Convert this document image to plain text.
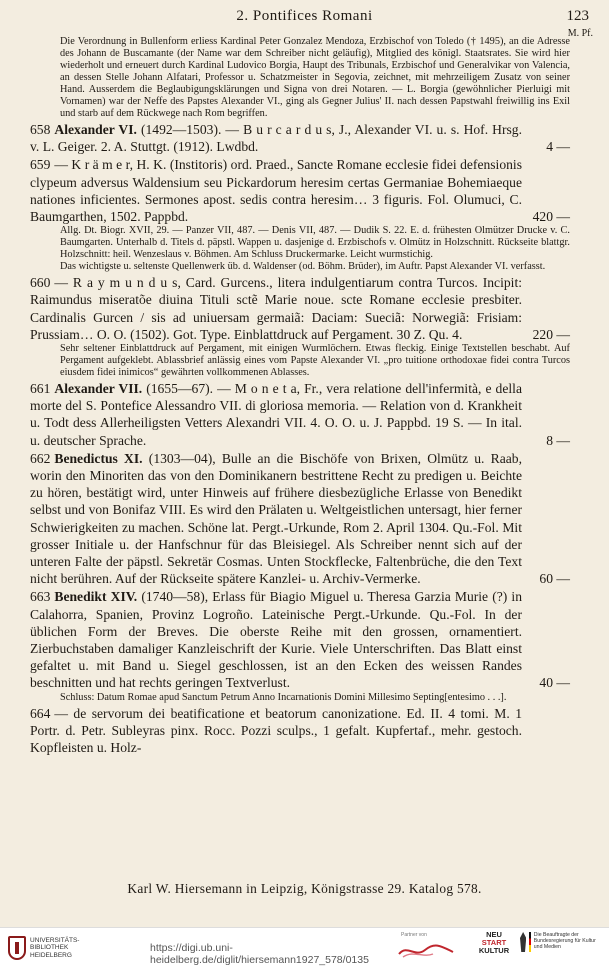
2. Pontifices Romani	123
M. Pf.

Die Verordnung in Bullenform erliess Kardinal Peter Gonzalez Mendoza, Erzbischof von Toledo († 1495), an die Adresse des Johann de Buscamante (der Name war dem Schreiber nicht geläufig), Mitglied des königl. Staatsrates. Sie wird hier wiederholt und erneuert durch Kardinal Ludovico Borgia, Haupt des Tribunals, Erzbischof und Generalvikar von Valencia, an dessen Stelle Johann Alfatari, Professor u. Schatzmeister in Segovia, zeichnet, mit mehrzeiligem Zusatz von seiner Hand. Ausserdem die Beglaubigungsklärungen und Signa von drei Notaren. — L. Borgia (gewöhnlicher Pierluigi mit Vornamen) war der Neffe des Papstes Alexander VI., ging als Gegner Julius' II. nach dessen Papstwahl freiwillig ins Exil und starb auf dem Rückwege nach Rom begriffen.

658 Alexander VI. (1492—1503). — B u r c a r d u s, J., Alexander VI. u. s. Hof. Hrsg. v. L. Geiger. 2. A. Stuttgt. (1912). Lwdbd.	4 —
659 — K r ä m e r, H. K. (Institoris) ord. Praed., Sancte Romane ecclesie fidei defensionis clypeum adversus Waldensium seu Pickardorum heresim certas Germaniae Bohemiaeque nationes inficientes. Sermones apost. sedis contra heresim… 3 figuris. Fol. Olumuci, C. Baumgarthen, 1502. Pappbd.	420 —

Allg. Dt. Biogr. XVII, 29. — Panzer VII, 487. — Denis VII, 487. — Dudik S. 22. E. d. frühesten Olmützer Drucke v. C. Baumgarten. Unterhalb d. Titels d. päpstl. Wappen u. dasjenige d. Erzbischofs v. Olmütz in Holzschnitt. Rückseite blattgr. Holzschnitt: heil. Wenzeslaus v. Böhmen. Am Schluss Druckermarke. Leicht wurmstichig.

Das wichtigste u. seltenste Quellenwerk üb. d. Waldenser (od. Böhm. Brüder), im Auftr. Papst Alexander VI. verfasst.

660 — R a y m u n d u s, Card. Gurcens., litera indulgentiarum contra Turcos. Incipit: Raimundus miseratõe diuina Tituli sctẽ Marie noue. scte Romane ecclesie presbiter. Cardinalis Gurcen / sis ad uniuersam germaiã: Daciam: Sueciã: Norwegiã: Frisiam: Prussiam… O. O. (1502). Got. Type. Einblattdruck auf Pergament. 30 Z. Qu. 4.	220 —

Sehr seltener Einblattdruck auf Pergament, mit einigen Wurmlöchern. Etwas fleckig. Einige Textstellen beschabt. Auf Pergament aufgeklebt. Ablassbrief anlässig eines vom Papste Alexander VI. „pro tuitione orthodoxae fidei contra Turcos eiusdem fidei inimicos“ gewährten vollkommenen Ablasses.

661 Alexander VII. (1655—67). — M o n e t a, Fr., vera relatione dell'infermità, e della morte del S. Pontefice Alessandro VII. di gloriosa memoria. — Relation von d. Krankheit u. Todt dess Allerheiligsten Vetters Alexandri VII. 4. O. O. u. J. Pappbd. 19 S. — In ital. u. deutscher Sprache.	8 —
662 Benedictus XI. (1303—04), Bulle an die Bischöfe von Brixen, Olmütz u. Raab, worin den Minoriten das von den Dominikanern bestrittene Recht zu predigen u. Beichte zu hören, bestätigt wird, unter Hinweis auf frühere diesbezügliche Erlasse von Benedikt selbst und von Bonifaz VIII. Es wird den Prälaten u. Weltgeistlichen untersagt, hier ferner Schwierigkeiten zu machen. Schöne lat. Pergt.-Urkunde, Rom 2. April 1304. Qu.-Fol. Mit grosser Initiale u. der Hanfschnur für das Bleisiegel. Als Schreiber nennt sich auf der unteren Falte der päpstl. Sekretär Cosmas. Unten Stockflecke, Faltenbrüche, die den Text nicht berühren. Auf der Rückseite spätere Kanzlei- u. Archiv-Vermerke.	60 —
663 Benedikt XIV. (1740—58), Erlass für Biagio Miguel u. Theresa Garzia Murie (?) in Calahorra, Spanien, Provinz Logroño. Lateinische Pergt.-Urkunde. Qu.-Fol. In der üblichen Form der Breves. Die oberste Reihe mit den grossen, ornamentiert. Zierbuchstaben damaliger Kanzleischrift der Kurie. Viele Unterschriften. Das Blatt einst gefaltet u. mit Band u. Siegel geschlossen, ist an den Ecken des weissen Randes beschnitten und hat rechts geringen Textverlust.	40 —

Schluss: Datum Romae apud Sanctum Petrum Anno Incarnationis Domini Millesimo Septing[entesimo . . .].

664 — de servorum dei beatificatione et beatorum canonizatione. Ed. II. 4 tomi. M. 1 Portr. d. Petr. Subleyras pinx. Rocc. Pozzi sculps., 1 gefalt. Kupfertaf., mehr. gestoch. Kopfleisten u. Holz-
Karl W. Hiersemann in Leipzig, Königstrasse 29. Katalog 578.
UNIVERSITÄTS-
BIBLIOTHEK
HEIDELBERG
https://digi.ub.uni-heidelberg.de/diglit/hiersemann1927_578/0135
Partner von	NEU
START
KULTUR
Die Beauftragte der Bundesregierung für Kultur und Medien
